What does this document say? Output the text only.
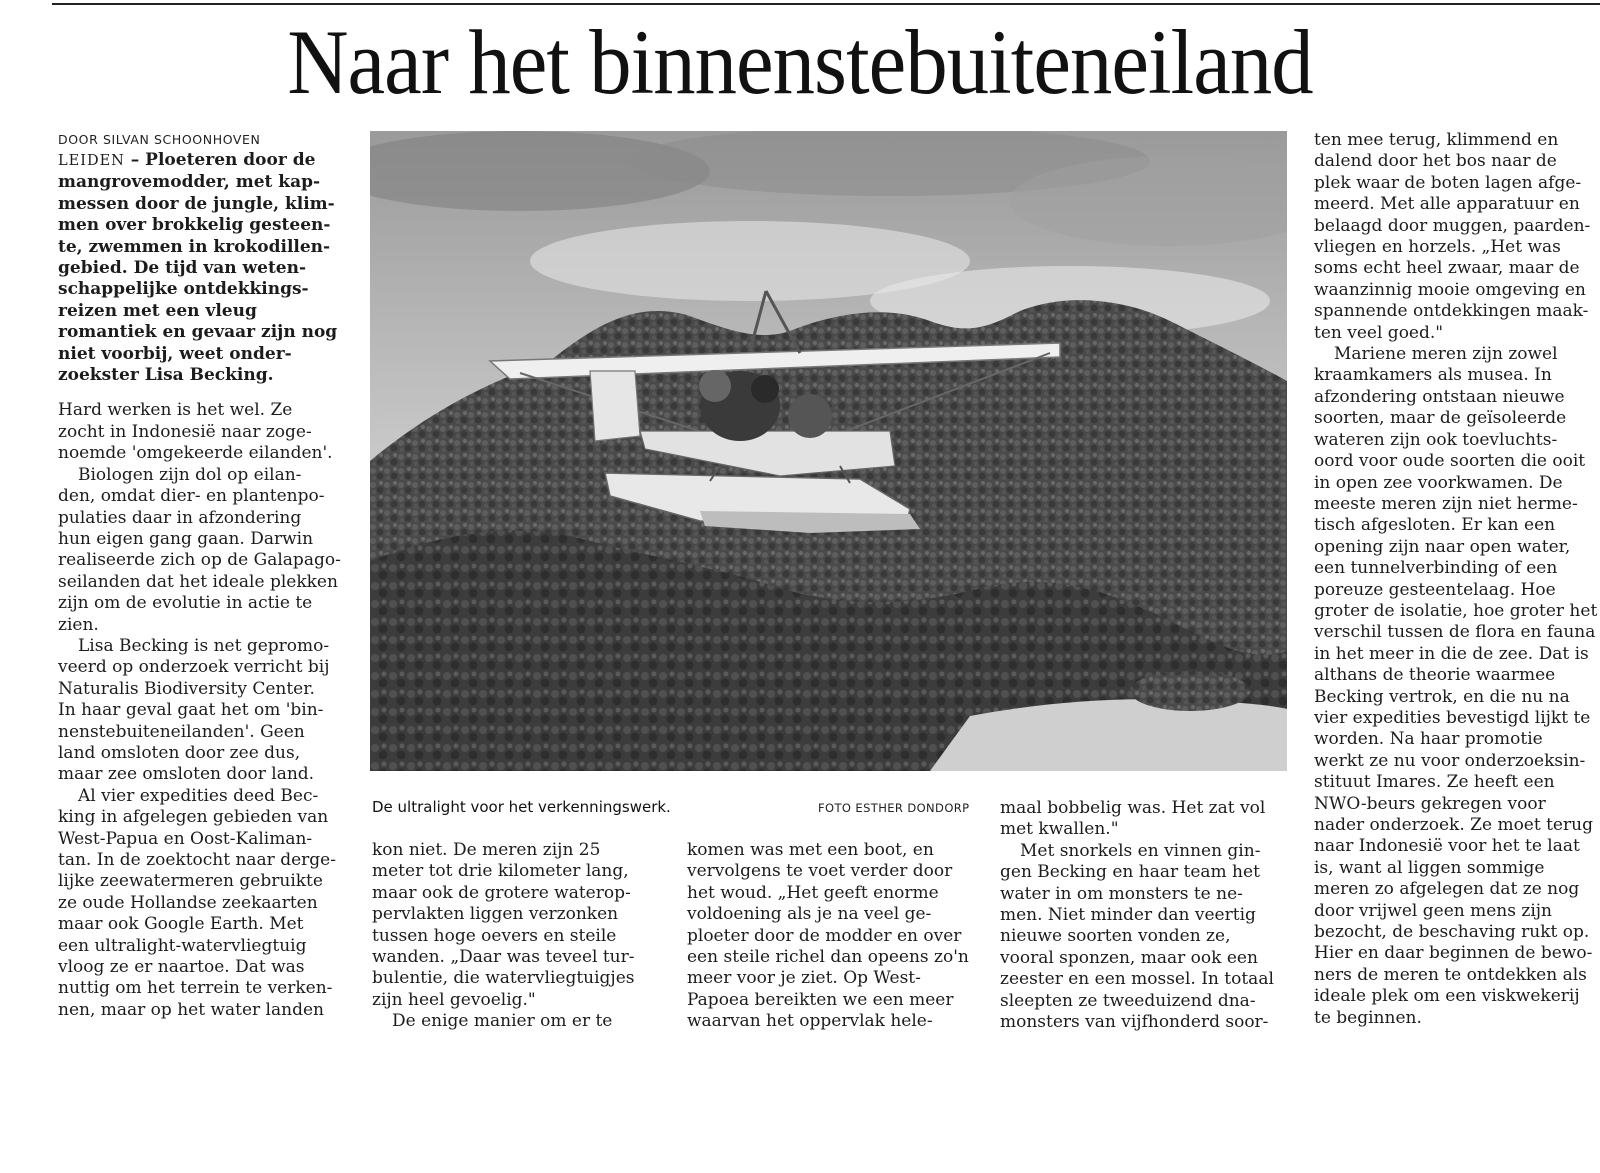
Naar het binnenstebuiteneiland
DOOR SILVAN SCHOONHOVEN
LEIDEN – Ploeteren door de
mangrovemodder, met kap-
messen door de jungle, klim-
men over brokkelig gesteen-
te, zwemmen in krokodillen-
gebied. De tijd van weten-
schappelijke ontdekkings-
reizen met een vleug
romantiek en gevaar zijn nog
niet voorbij, weet onder-
zoekster Lisa Becking.

Hard werken is het wel. Ze
zocht in Indonesië naar zoge-
noemde 'omgekeerde eilanden'.

Biologen zijn dol op eilan-
den, omdat dier- en plantenpo-
pulaties daar in afzondering
hun eigen gang gaan. Darwin
realiseerde zich op de Galapago-
seilanden dat het ideale plekken
zijn om de evolutie in actie te
zien.

Lisa Becking is net gepromo-
veerd op onderzoek verricht bij
Naturalis Biodiversity Center.
In haar geval gaat het om 'bin-
nenstebuiteneilanden'. Geen
land omsloten door zee dus,
maar zee omsloten door land.

Al vier expedities deed Bec-
king in afgelegen gebieden van
West-Papua en Oost-Kaliman-
tan. In de zoektocht naar derge-
lijke zeewatermeren gebruikte
ze oude Hollandse zeekaarten
maar ook Google Earth. Met
een ultralight-watervliegtuig
vloog ze er naartoe. Dat was
nuttig om het terrein te verken-
nen, maar op het water landen

De ultralight voor het verkenningswerk.	FOTO ESTHER DONDORP

kon niet. De meren zijn 25
meter tot drie kilometer lang,
maar ook de grotere waterop-
pervlakten liggen verzonken
tussen hoge oevers en steile
wanden. „Daar was teveel tur-
bulentie, die watervliegtuigjes
zijn heel gevoelig."

De enige manier om er te

komen was met een boot, en
vervolgens te voet verder door
het woud. „Het geeft enorme
voldoening als je na veel ge-
ploeter door de modder en over
een steile richel dan opeens zo'n
meer voor je ziet. Op West-
Papoea bereikten we een meer
waarvan het oppervlak hele-

maal bobbelig was. Het zat vol
met kwallen."

Met snorkels en vinnen gin-
gen Becking en haar team het
water in om monsters te ne-
men. Niet minder dan veertig
nieuwe soorten vonden ze,
vooral sponzen, maar ook een
zeester en een mossel. In totaal
sleepten ze tweeduizend dna-
monsters van vijfhonderd soor-

ten mee terug, klimmend en
dalend door het bos naar de
plek waar de boten lagen afge-
meerd. Met alle apparatuur en
belaagd door muggen, paarden-
vliegen en horzels. „Het was
soms echt heel zwaar, maar de
waanzinnig mooie omgeving en
spannende ontdekkingen maak-
ten veel goed."

Mariene meren zijn zowel
kraamkamers als musea. In
afzondering ontstaan nieuwe
soorten, maar de geïsoleerde
wateren zijn ook toevluchts-
oord voor oude soorten die ooit
in open zee voorkwamen. De
meeste meren zijn niet herme-
tisch afgesloten. Er kan een
opening zijn naar open water,
een tunnelverbinding of een
poreuze gesteentelaag. Hoe
groter de isolatie, hoe groter het
verschil tussen de flora en fauna
in het meer in die de zee. Dat is
althans de theorie waarmee
Becking vertrok, en die nu na
vier expedities bevestigd lijkt te
worden. Na haar promotie
werkt ze nu voor onderzoeksin-
stituut Imares. Ze heeft een
NWO-beurs gekregen voor
nader onderzoek. Ze moet terug
naar Indonesië voor het te laat
is, want al liggen sommige
meren zo afgelegen dat ze nog
door vrijwel geen mens zijn
bezocht, de beschaving rukt op.
Hier en daar beginnen de bewo-
ners de meren te ontdekken als
ideale plek om een viskwekerij
te beginnen.
